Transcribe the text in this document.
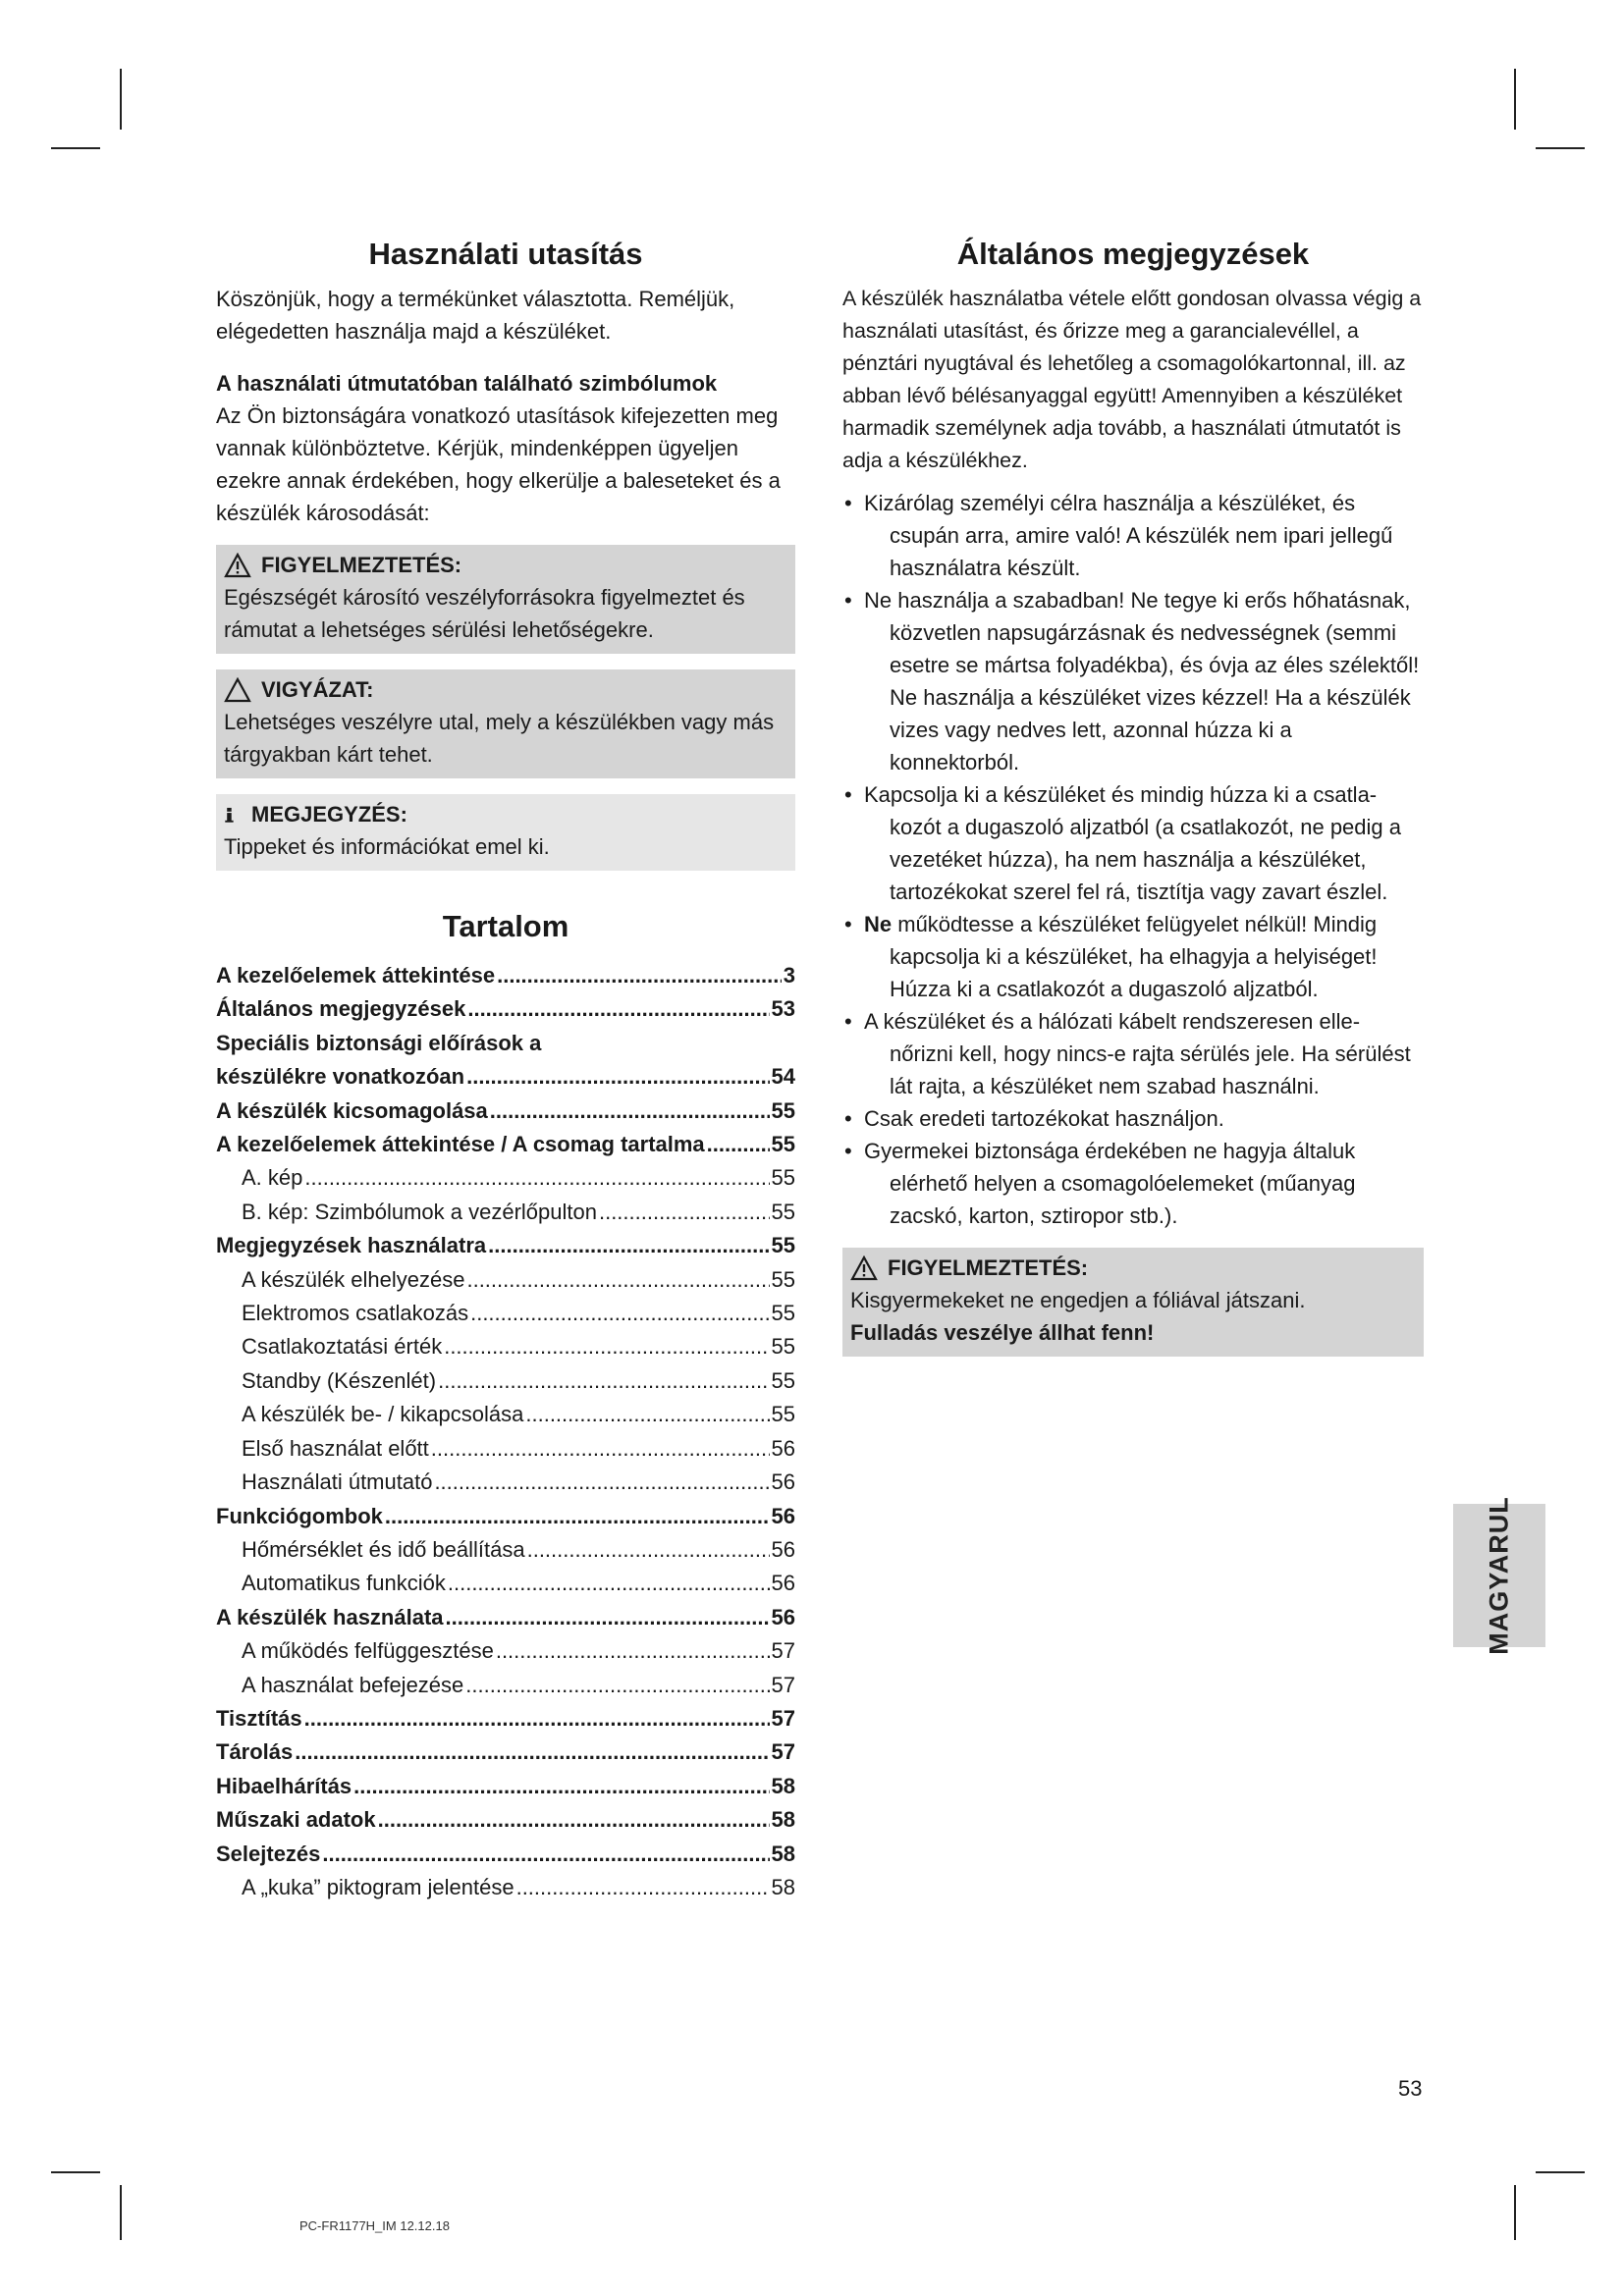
Használati utasítás

Köszönjük, hogy a termékünket választotta. Reméljük, elégedetten használja majd a készüléket.

A használati útmutatóban található szimbólumok

Az Ön biztonságára vonatkozó utasítások kifejezetten meg vannak különböztetve. Kérjük, mindenképpen ügyeljen ezekre annak érdekében, hogy elkerülje a baleseteket és a készülék károsodását:

FIGYELMEZTETÉS:

Egészségét károsító veszélyforrásokra figyelmeztet és rámutat a lehetséges sérülési lehetőségekre.

VIGYÁZAT:

Lehetséges veszélyre utal, mely a készülékben vagy más tárgyakban kárt tehet.

MEGJEGYZÉS:

Tippeket és információkat emel ki.

Tartalom
A kezelőelemek áttekintése .....	3
Általános megjegyzések .....	53
Speciális biztonsági előírások a
készülékre vonatkozóan .....	54
A készülék kicsomagolása .....	55
A kezelőelemek áttekintése / A csomag tartalma .....	55
A. kép .....	55
B. kép: Szimbólumok a vezérlőpulton .....	55
Megjegyzések használatra .....	55
A készülék elhelyezése .....	55
Elektromos csatlakozás .....	55
Csatlakoztatási érték .....	55
Standby (Készenlét) .....	55
A készülék be- / kikapcsolása .....	55
Első használat előtt .....	56
Használati útmutató .....	56
Funkciógombok .....	56
Hőmérséklet és idő beállítása .....	56
Automatikus funkciók .....	56
A készülék használata .....	56
A működés felfüggesztése .....	57
A használat befejezése .....	57
Tisztítás .....	57
Tárolás .....	57
Hibaelhárítás .....	58
Műszaki adatok .....	58
Selejtezés .....	58
A „kuka” piktogram jelentése .....	58
Általános megjegyzések

A készülék használatba vétele előtt gondosan olvassa végig a használati utasítást, és őrizze meg a garancialevéllel, a pénztári nyugtával és lehetőleg a csomagolókartonnal, ill. az abban lévő bélésanyaggal együtt! Amennyiben a készüléket harmadik személynek adja tovább, a használati útmutatót is adja a készülékhez.

• Kizárólag személyi célra használja a készüléket, és
csupán arra, amire való! A készülék nem ipari jellegű használatra készült.
• Ne használja a szabadban! Ne tegye ki erős hőhatásnak,
közvetlen napsugárzásnak és nedvességnek (semmi esetre se mártsa folyadékba), és óvja az éles szélektől! Ne használja a készüléket vizes kézzel! Ha a készülék vizes vagy nedves lett, azonnal húzza ki a konnektorból.
• Kapcsolja ki a készüléket és mindig húzza ki a csatla-
kozót a dugaszoló aljzatból (a csatlakozót, ne pedig a vezetéket húzza), ha nem használja a készüléket, tartozékokat szerel fel rá, tisztítja vagy zavart észlel.
• Ne működtesse a készüléket felügyelet nélkül! Mindig
kapcsolja ki a készüléket, ha elhagyja a helyiséget! Húzza ki a csatlakozót a dugaszoló aljzatból.
• A készüléket és a hálózati kábelt rendszeresen elle-
nőrizni kell, hogy nincs-e rajta sérülés jele. Ha sérülést lát rajta, a készüléket nem szabad használni.
• Csak eredeti tartozékokat használjon.
• Gyermekei biztonsága érdekében ne hagyja általuk
elérhető helyen a csomagolóelemeket (műanyag zacskó, karton, sztiropor stb.).
FIGYELMEZTETÉS:

Kisgyermekeket ne engedjen a fóliával játszani.

Fulladás veszélye állhat fenn!

MAGYARUL
53
PC-FR1177H_IM 12.12.18
